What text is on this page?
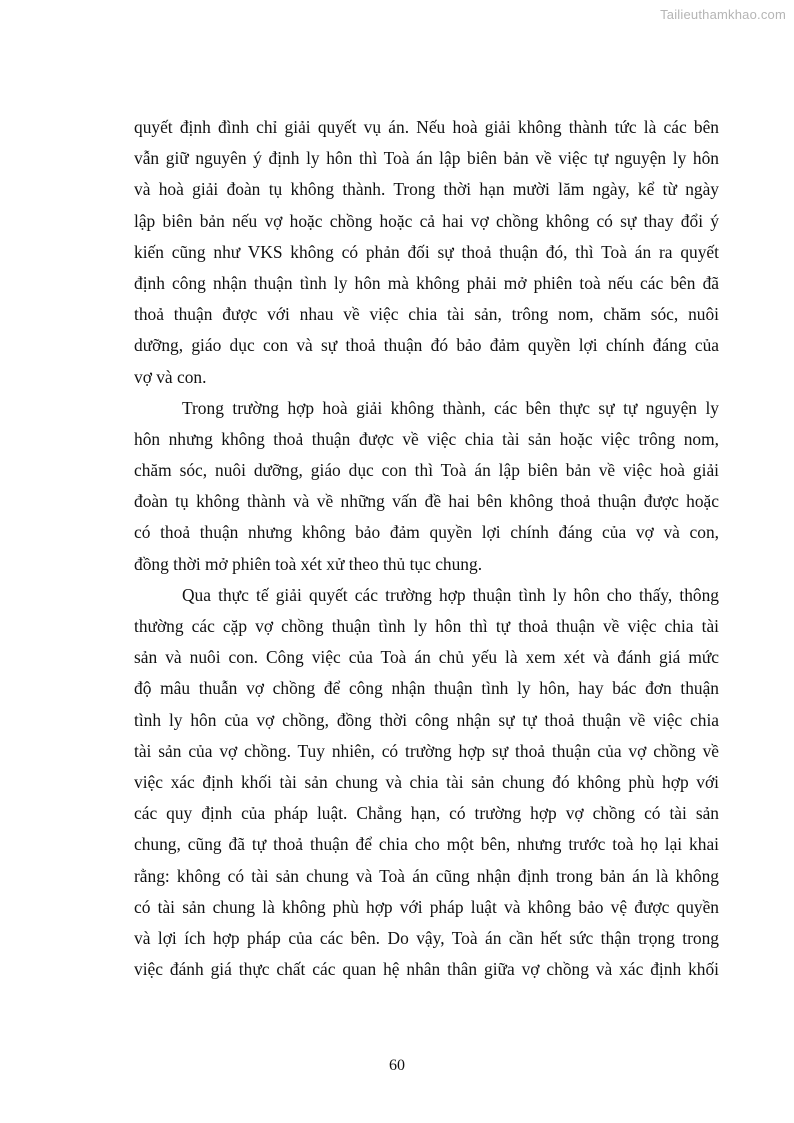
Tailieuthamkhao.com
quyết định đình chỉ giải quyết vụ án. Nếu hoà giải không thành tức là các bên
vẫn giữ nguyên ý định ly hôn thì Toà án lập biên bản về việc tự nguyện ly hôn
và hoà giải đoàn tụ không thành. Trong thời hạn mười lăm ngày, kể từ ngày
lập biên bản nếu vợ hoặc chồng hoặc cả hai vợ chồng không có sự thay đổi ý
kiến cũng như VKS không có phản đối sự thoả thuận đó, thì Toà án ra quyết
định công nhận thuận tình ly hôn mà không phải mở phiên toà nếu các bên đã
thoả thuận được với nhau về việc chia tài sản, trông nom, chăm sóc, nuôi
dưỡng, giáo dục con và sự thoả thuận đó bảo đảm quyền lợi chính đáng của
vợ và con.
Trong trường hợp hoà giải không thành, các bên thực sự tự nguyện ly
hôn nhưng không thoả thuận được về việc chia tài sản hoặc việc trông nom,
chăm sóc, nuôi dưỡng, giáo dục con thì Toà án lập biên bản về việc hoà giải
đoàn tụ không thành và về những vấn đề hai bên không thoả thuận được hoặc
có thoả thuận nhưng không bảo đảm quyền lợi chính đáng của vợ và con,
đồng thời mở phiên toà xét xử theo thủ tục chung.
Qua thực tế giải quyết các trường hợp thuận tình ly hôn cho thấy, thông
thường các cặp vợ chồng thuận tình ly hôn thì tự thoả thuận về việc chia tài
sản và nuôi con. Công việc của Toà án chủ yếu là xem xét và đánh giá mức
độ mâu thuẫn vợ chồng để công nhận thuận tình ly hôn, hay bác đơn thuận
tình ly hôn của vợ chồng, đồng thời công nhận sự tự thoả thuận về việc chia
tài sản của vợ chồng. Tuy nhiên, có trường hợp sự thoả thuận của vợ chồng về
việc xác định khối tài sản chung và chia tài sản chung đó không phù hợp với
các quy định của pháp luật. Chẳng hạn, có trường hợp vợ chồng có tài sản
chung, cũng đã tự thoả thuận để chia cho một bên, nhưng trước toà họ lại khai
rằng: không có tài sản chung và Toà án cũng nhận định trong bản án là không
có tài sản chung là không phù hợp với pháp luật và không bảo vệ được quyền
và lợi ích hợp pháp của các bên. Do vậy, Toà án cần hết sức thận trọng trong
việc đánh giá thực chất các quan hệ nhân thân giữa vợ chồng và xác định khối
60
